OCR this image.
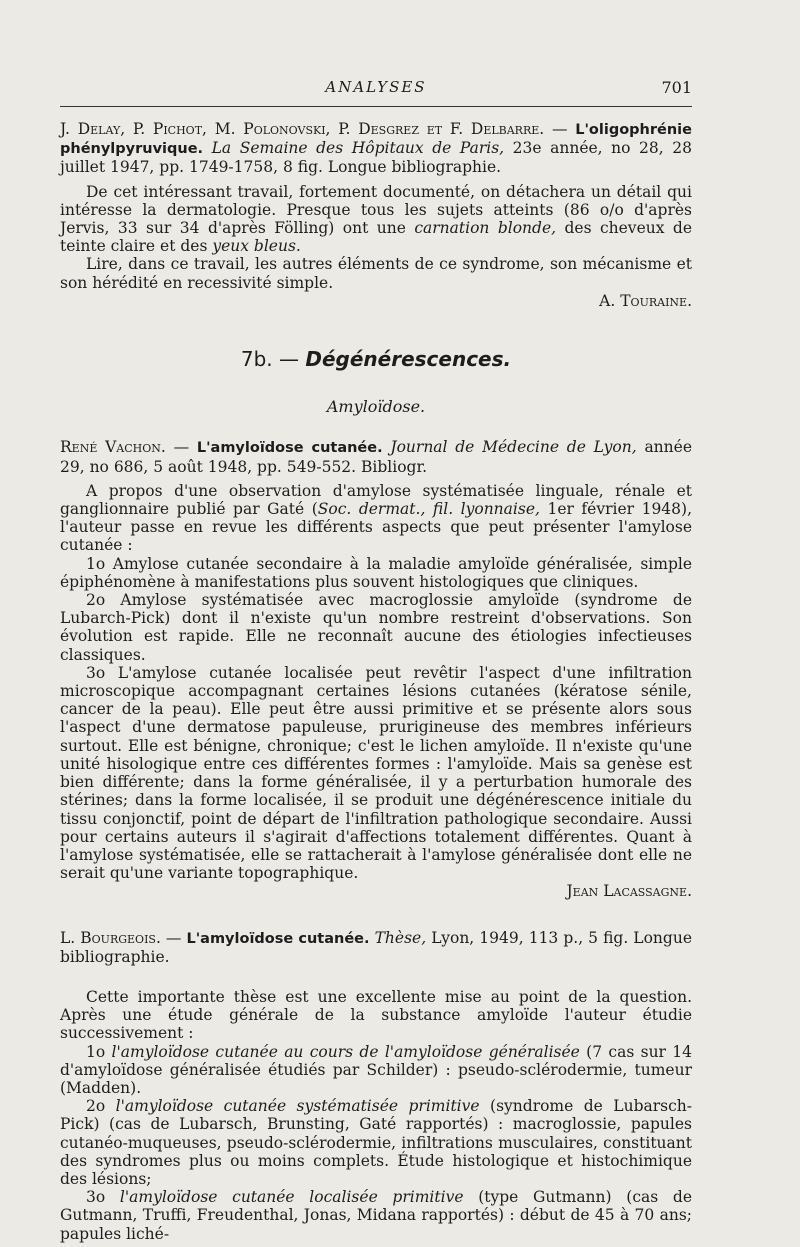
ANALYSES	701

J. Delay, P. Pichot, M. Polonovski, P. Desgrez et F. Delbarre. — L'oligophrénie phénylpyruvique. La Semaine des Hôpitaux de Paris, 23e année, no 28, 28 juillet 1947, pp. 1749-1758, 8 fig. Longue bibliographie.

De cet intéressant travail, fortement documenté, on détachera un détail qui intéresse la dermatologie. Presque tous les sujets atteints (86 o/o d'après Jervis, 33 sur 34 d'après Fölling) ont une carnation blonde, des cheveux de teinte claire et des yeux bleus.

Lire, dans ce travail, les autres éléments de ce syndrome, son mécanisme et son hérédité en recessivité simple.

A. Touraine.

7b. — Dégénérescences.
Amyloïdose.

René Vachon. — L'amyloïdose cutanée. Journal de Médecine de Lyon, année 29, no 686, 5 août 1948, pp. 549-552. Bibliogr.

A propos d'une observation d'amylose systématisée linguale, rénale et ganglionnaire publié par Gaté (Soc. dermat., fil. lyonnaise, 1er février 1948), l'auteur passe en revue les différents aspects que peut présenter l'amylose cutanée :

1o Amylose cutanée secondaire à la maladie amyloïde généralisée, simple épiphénomène à manifestations plus souvent histologiques que cliniques.

2o Amylose systématisée avec macroglossie amyloïde (syndrome de Lubarch-Pick) dont il n'existe qu'un nombre restreint d'observations. Son évolution est rapide. Elle ne reconnaît aucune des étiologies infectieuses classiques.

3o L'amylose cutanée localisée peut revêtir l'aspect d'une infiltration microscopique accompagnant certaines lésions cutanées (kératose sénile, cancer de la peau). Elle peut être aussi primitive et se présente alors sous l'aspect d'une dermatose papuleuse, prurigineuse des membres inférieurs surtout. Elle est bénigne, chronique; c'est le lichen amyloïde. Il n'existe qu'une unité hisologique entre ces différentes formes : l'amyloïde. Mais sa genèse est bien différente; dans la forme généralisée, il y a perturbation humorale des stérines; dans la forme localisée, il se produit une dégénérescence initiale du tissu conjonctif, point de départ de l'infiltration pathologique secondaire. Aussi pour certains auteurs il s'agirait d'affections totalement différentes. Quant à l'amylose systématisée, elle se rattacherait à l'amylose généralisée dont elle ne serait qu'une variante topographique.

Jean Lacassagne.

L. Bourgeois. — L'amyloïdose cutanée. Thèse, Lyon, 1949, 113 p., 5 fig. Longue bibliographie.

Cette importante thèse est une excellente mise au point de la question. Après une étude générale de la substance amyloïde l'auteur étudie successivement :

1o l'amyloïdose cutanée au cours de l'amyloïdose généralisée (7 cas sur 14 d'amyloïdose généralisée étudiés par Schilder) : pseudo-sclérodermie, tumeur (Madden).

2o l'amyloïdose cutanée systématisée primitive (syndrome de Lubarsch-Pick) (cas de Lubarsch, Brunsting, Gaté rapportés) : macroglossie, papules cutanéo-muqueuses, pseudo-sclérodermie, infiltrations musculaires, constituant des syndromes plus ou moins complets. Étude histologique et histochimique des lésions;

3o l'amyloïdose cutanée localisée primitive (type Gutmann) (cas de Gutmann, Truffi, Freudenthal, Jonas, Midana rapportés) : début de 45 à 70 ans; papules liché-
